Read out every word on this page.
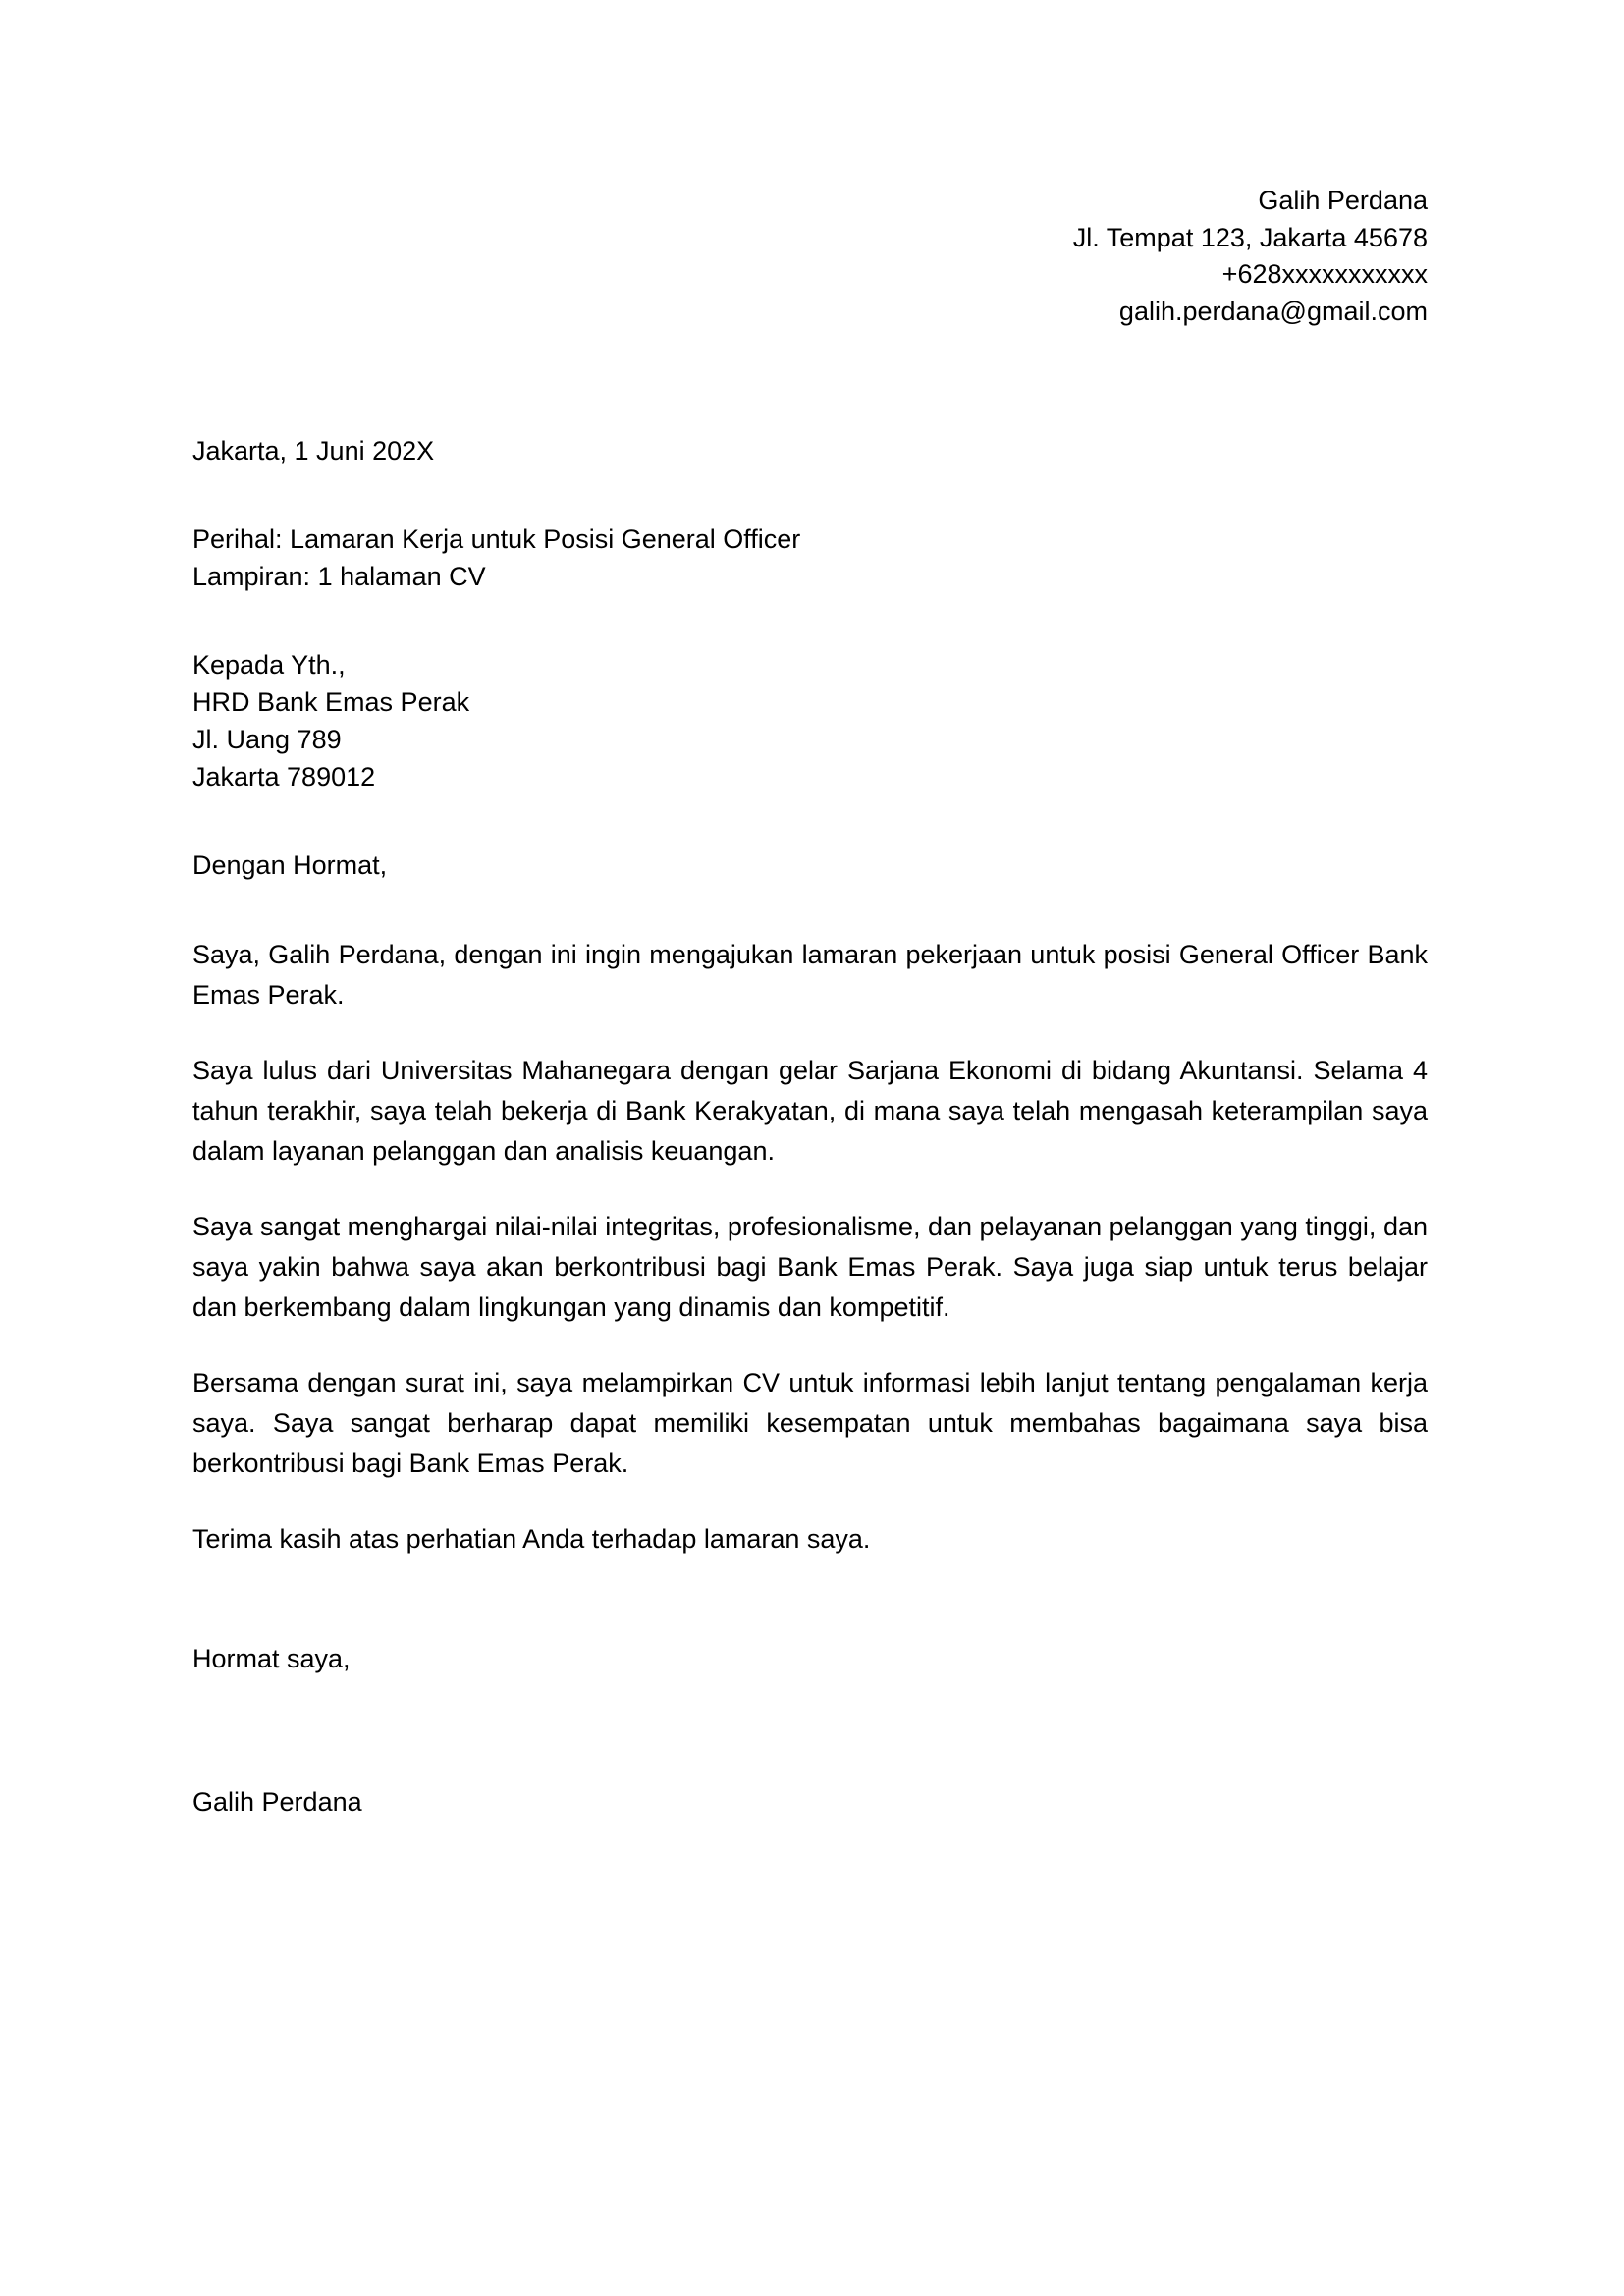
Galih Perdana
Jl. Tempat 123, Jakarta 45678
+628xxxxxxxxxxx
galih.perdana@gmail.com
Jakarta, 1 Juni 202X
Perihal: Lamaran Kerja untuk Posisi General Officer
Lampiran: 1 halaman CV
Kepada Yth.,
HRD Bank Emas Perak
Jl. Uang 789
Jakarta 789012
Dengan Hormat,

Saya, Galih Perdana, dengan ini ingin mengajukan lamaran pekerjaan untuk posisi General Officer Bank Emas Perak.

Saya lulus dari Universitas Mahanegara dengan gelar Sarjana Ekonomi di bidang Akuntansi. Selama 4 tahun terakhir, saya telah bekerja di Bank Kerakyatan, di mana saya telah mengasah keterampilan saya dalam layanan pelanggan dan analisis keuangan.

Saya sangat menghargai nilai-nilai integritas, profesionalisme, dan pelayanan pelanggan yang tinggi, dan saya yakin bahwa saya akan berkontribusi bagi Bank Emas Perak. Saya juga siap untuk terus belajar dan berkembang dalam lingkungan yang dinamis dan kompetitif.

Bersama dengan surat ini, saya melampirkan CV untuk informasi lebih lanjut tentang pengalaman kerja saya. Saya sangat berharap dapat memiliki kesempatan untuk membahas bagaimana saya bisa berkontribusi bagi Bank Emas Perak.

Terima kasih atas perhatian Anda terhadap lamaran saya.

Hormat saya,
Galih Perdana
